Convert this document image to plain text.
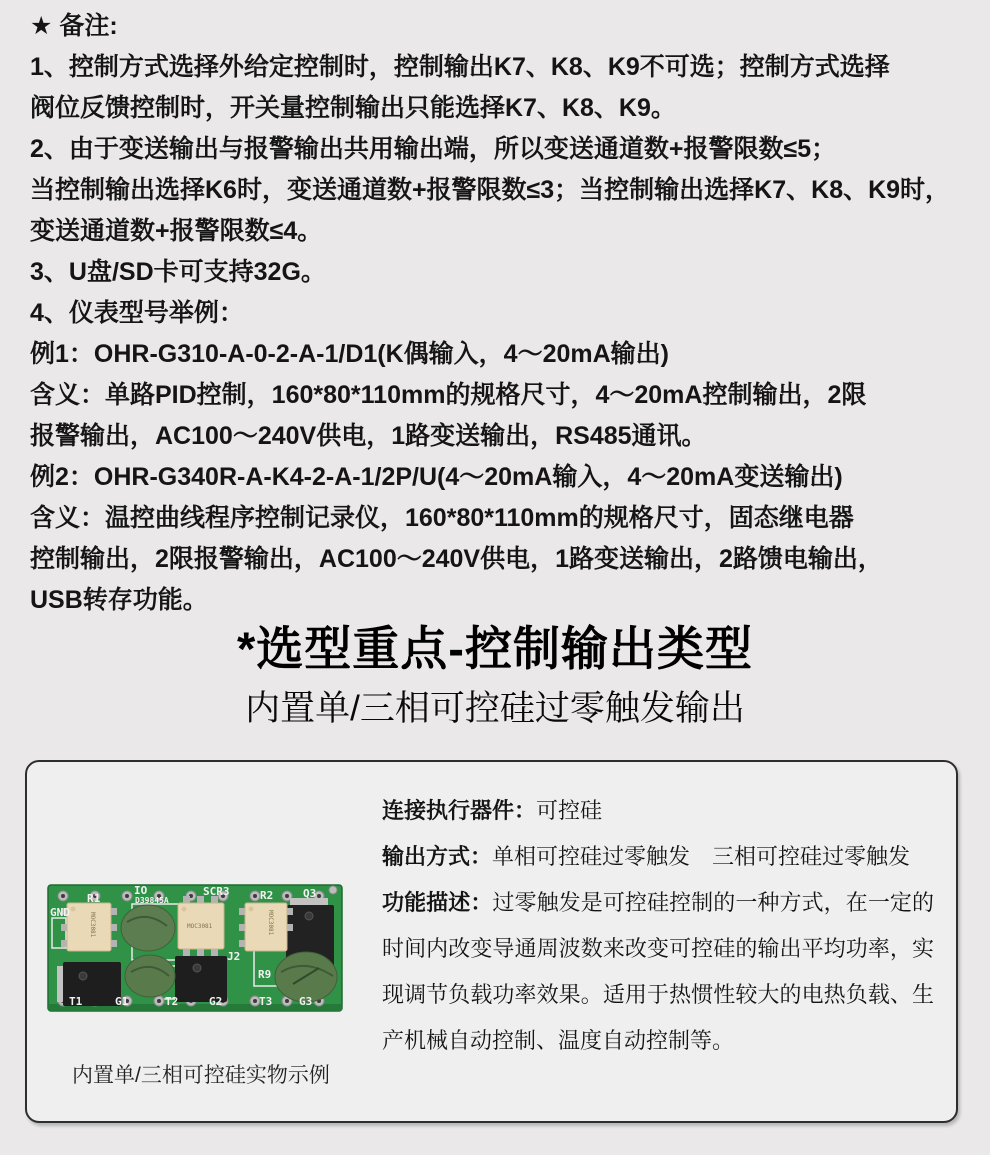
★ 备注:
1、控制方式选择外给定控制时，控制输出K7、K8、K9不可选；控制方式选择
阀位反馈控制时，开关量控制输出只能选择K7、K8、K9。
2、由于变送输出与报警输出共用输出端，所以变送通道数+报警限数≤5；
当控制输出选择K6时，变送通道数+报警限数≤3；当控制输出选择K7、K8、K9时，
变送通道数+报警限数≤4。
3、U盘/SD卡可支持32G。
4、仪表型号举例：
例1：OHR-G310-A-0-2-A-1/D1(K偶输入，4～20mA输出)
含义：单路PID控制，160*80*110mm的规格尺寸，4～20mA控制输出，2限
报警输出，AC100～240V供电，1路变送输出，RS485通讯。
例2：OHR-G340R-A-K4-2-A-1/2P/U(4～20mA输入，4～20mA变送输出)
含义：温控曲线程序控制记录仪，160*80*110mm的规格尺寸，固态继电器
控制输出，2限报警输出，AC100～240V供电，1路变送输出，2路馈电输出，
USB转存功能。
*选型重点-控制输出类型
内置单/三相可控硅过零触发输出
MOC3081	MOC3081	MOC3081
GND
R1
IO
D39845A
SCR3	R2	Q3
J2
R9
T1	G1	T2	G2	T3 G3
内置单/三相可控硅实物示例
连接执行器件：可控硅
输出方式：单相可控硅过零触发　三相可控硅过零触发
功能描述：过零触发是可控硅控制的一种方式，在一定的
时间内改变导通周波数来改变可控硅的输出平均功率，实
现调节负载功率效果。适用于热惯性较大的电热负载、生
产机械自动控制、温度自动控制等。
